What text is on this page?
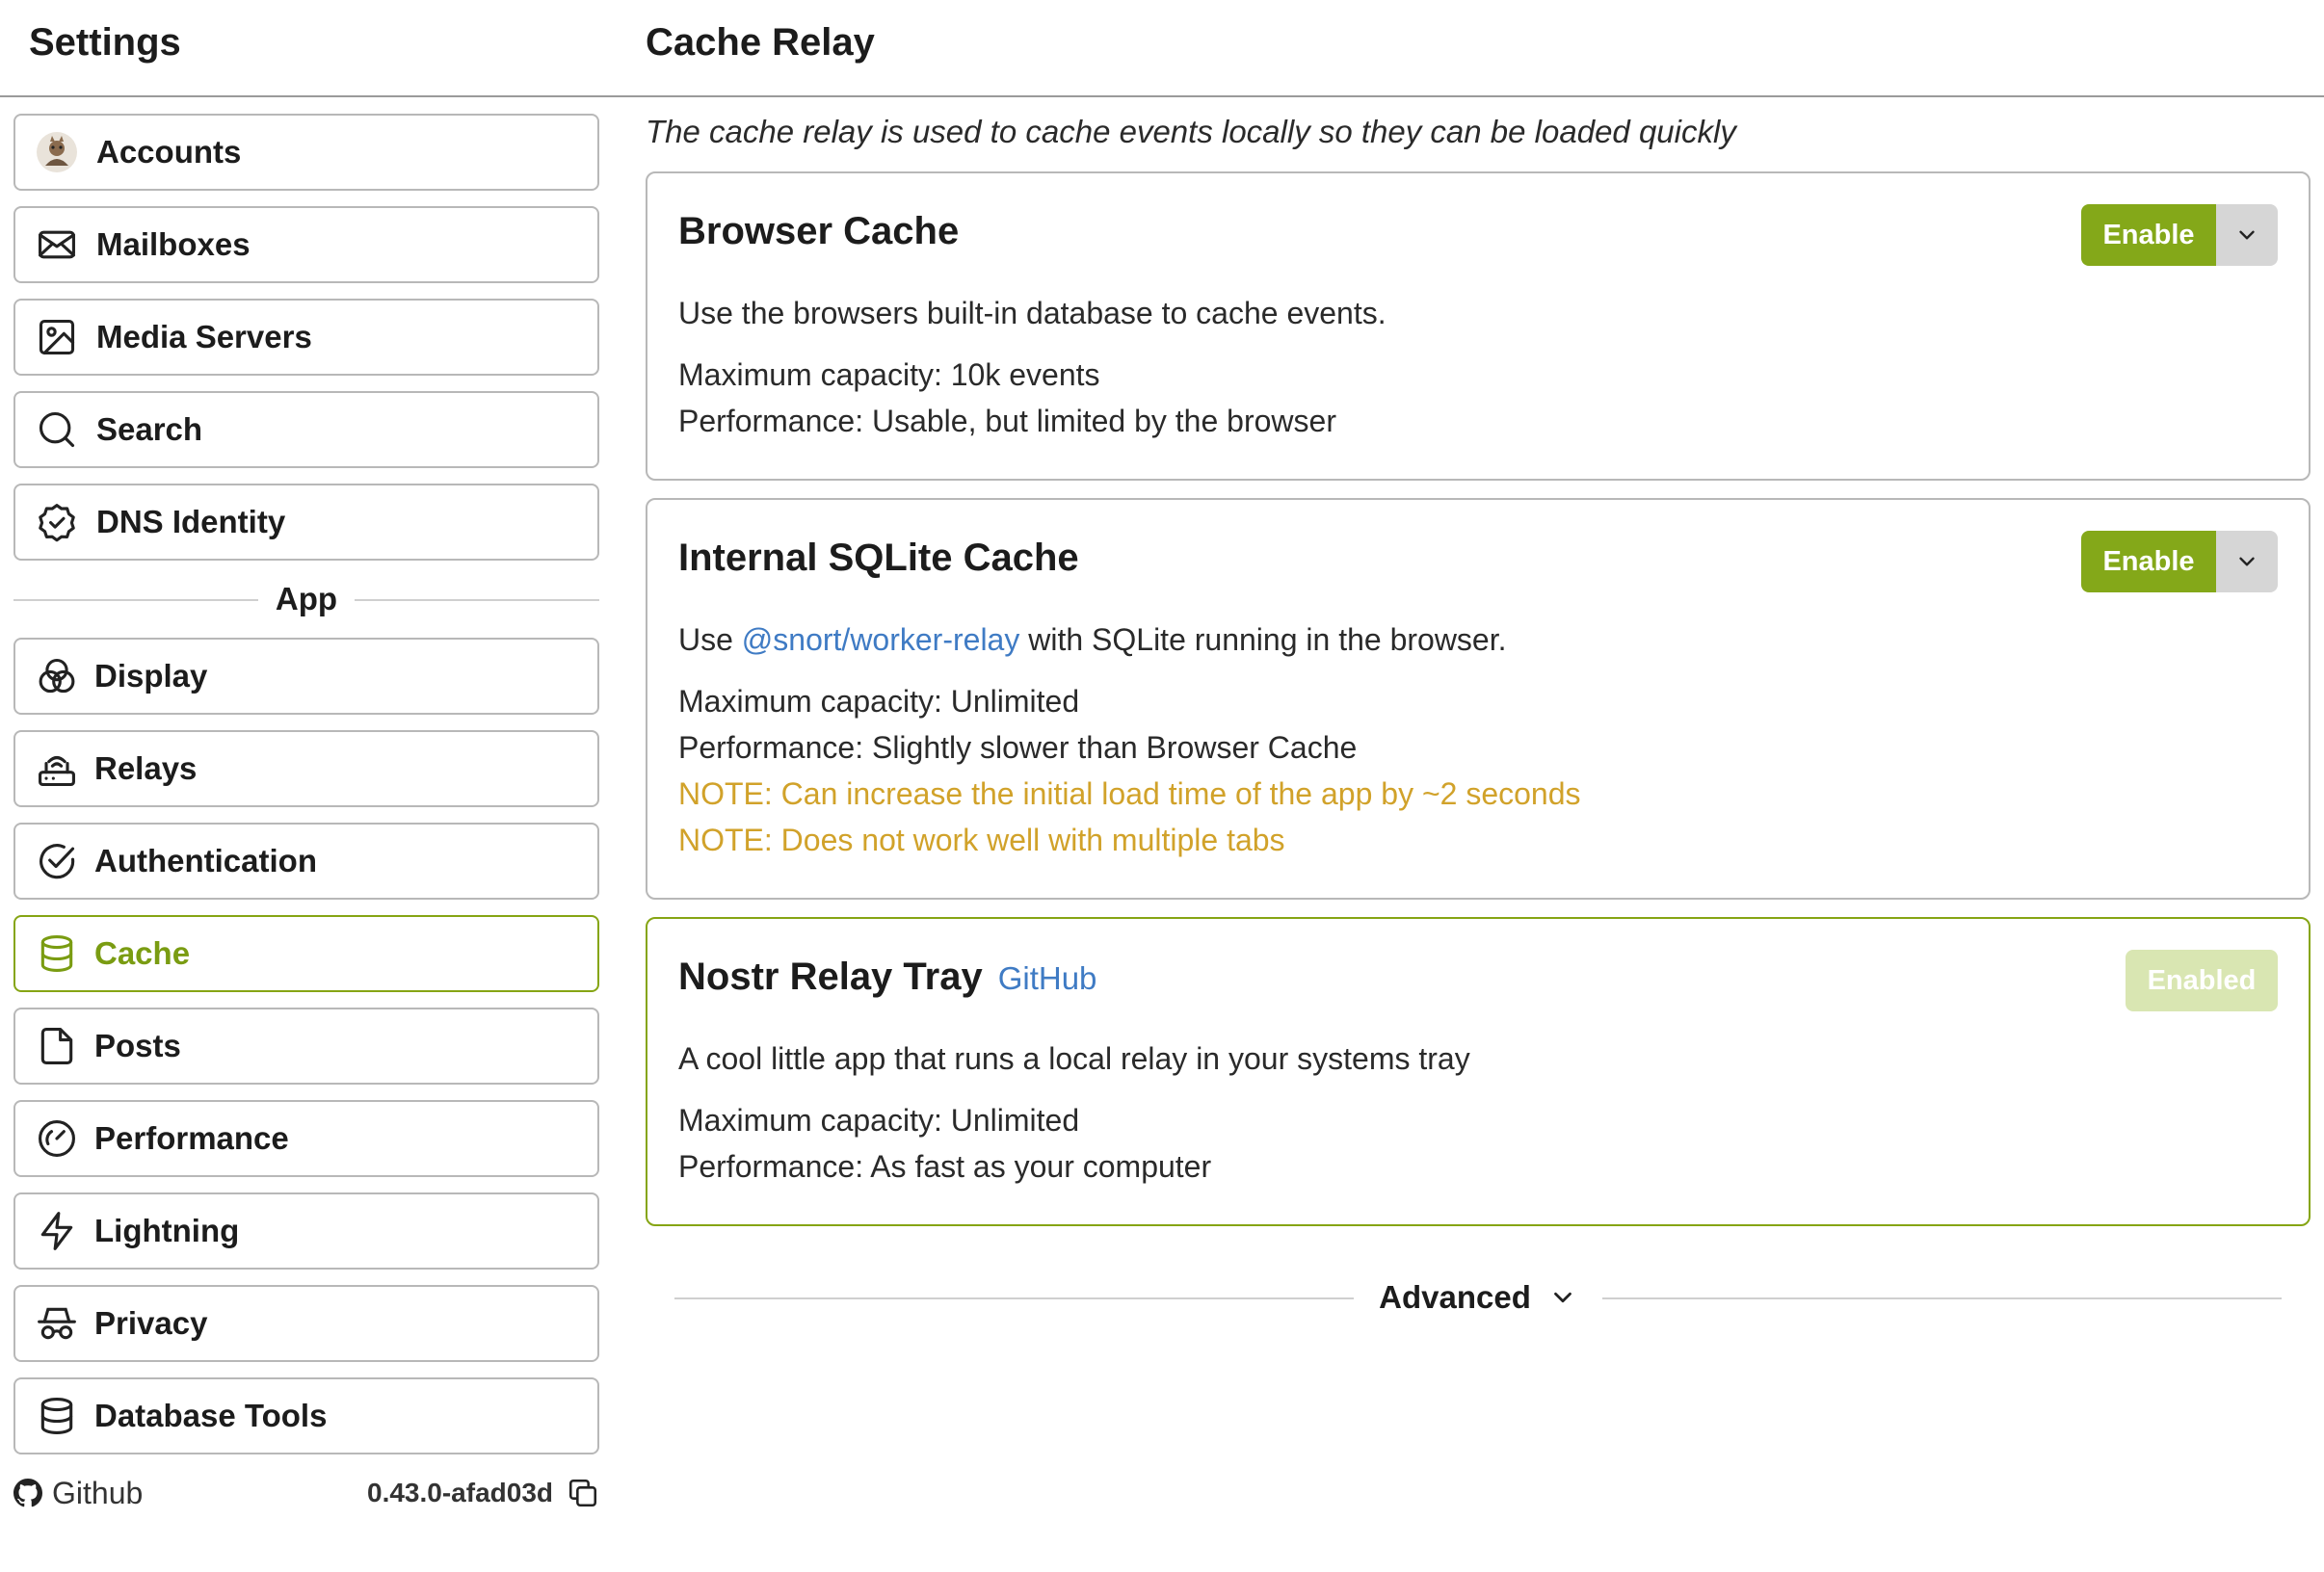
Settings	Cache Relay
Accounts
Mailboxes
Media Servers
Search
DNS Identity
App
Display
Relays
Authentication
Cache
Posts
Performance
Lightning
Privacy
Database Tools
Github	0.43.0-afad03d

The cache relay is used to cache events locally so they can be loaded quickly

Browser Cache	Enable

Use the browsers built-in database to cache events.

Maximum capacity: 10k events

Performance: Usable, but limited by the browser

Internal SQLite Cache	Enable

Use @snort/worker-relay with SQLite running in the browser.

Maximum capacity: Unlimited

Performance: Slightly slower than Browser Cache

NOTE: Can increase the initial load time of the app by ~2 seconds

NOTE: Does not work well with multiple tabs

Nostr Relay Tray GitHub	Enabled

A cool little app that runs a local relay in your systems tray

Maximum capacity: Unlimited

Performance: As fast as your computer

Advanced
